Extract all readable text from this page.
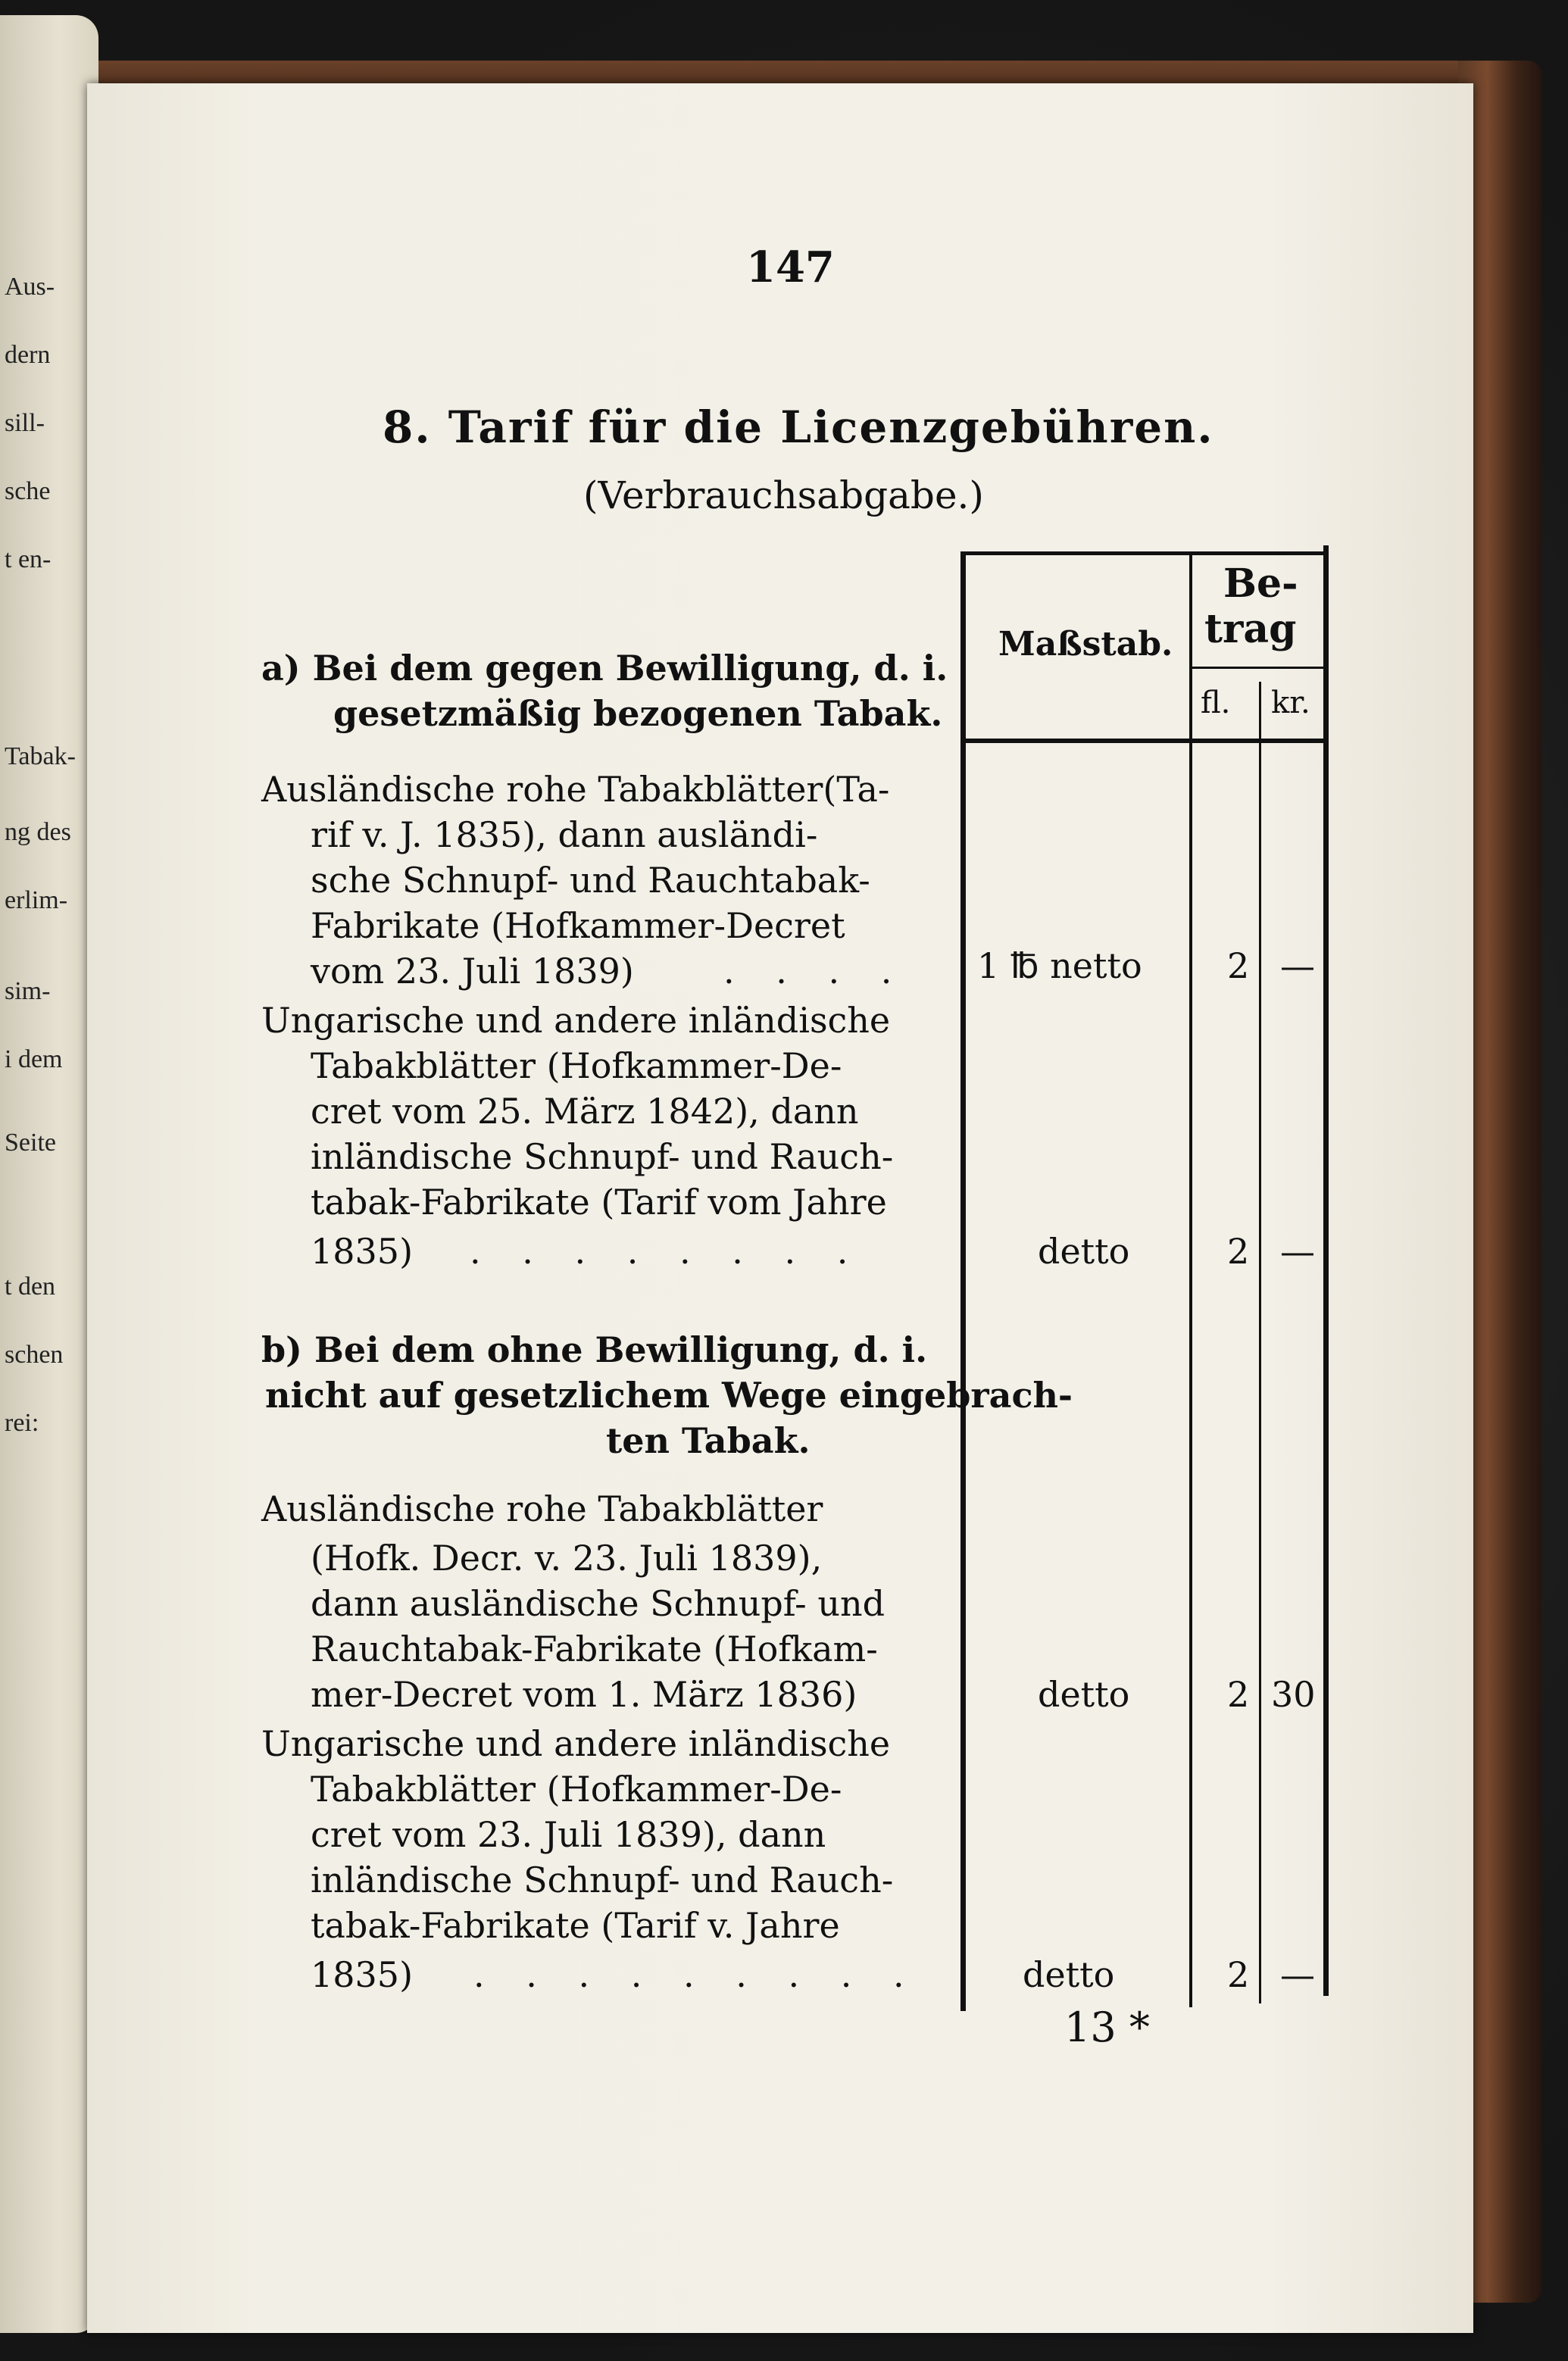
Aus-
dern
sill-
sche
t en-
Tabak-
ng des
erlim-
sim-
i dem
Seite
t den
schen
rei:
147
8. Tarif für die Licenzgebühren.
(Verbrauchsabgabe.)
Maßstab.
Be-
trag
fl. kr.
a) Bei dem gegen Bewilligung, d. i.
gesetzmäßig bezogenen Tabak.
Ausländische rohe Tabakblätter(Ta-
rif v. J. 1835), dann ausländi-
sche Schnupf- und Rauchtabak-
Fabrikate (Hofkammer-Decret
vom 23. Juli 1839)	. . . . 1 ℔ netto 2 —
Ungarische und andere inländische
Tabakblätter (Hofkammer-De-
cret vom 25. März 1842), dann
inländische Schnupf- und Rauch-
tabak-Fabrikate (Tarif vom Jahre
1835) . . . . . . . .	detto	2 —
b) Bei dem ohne Bewilligung, d. i.
nicht auf gesetzlichem Wege eingebrach-
ten Tabak.
Ausländische rohe Tabakblätter
(Hofk. Decr. v. 23. Juli 1839),
dann ausländische Schnupf- und
Rauchtabak-Fabrikate (Hofkam-
mer-Decret vom 1. März 1836)	detto	2 30
Ungarische und andere inländische
Tabakblätter (Hofkammer-De-
cret vom 23. Juli 1839), dann
inländische Schnupf- und Rauch-
tabak-Fabrikate (Tarif v. Jahre
1835) . . . . . . . . .	detto	2 —
13 *
